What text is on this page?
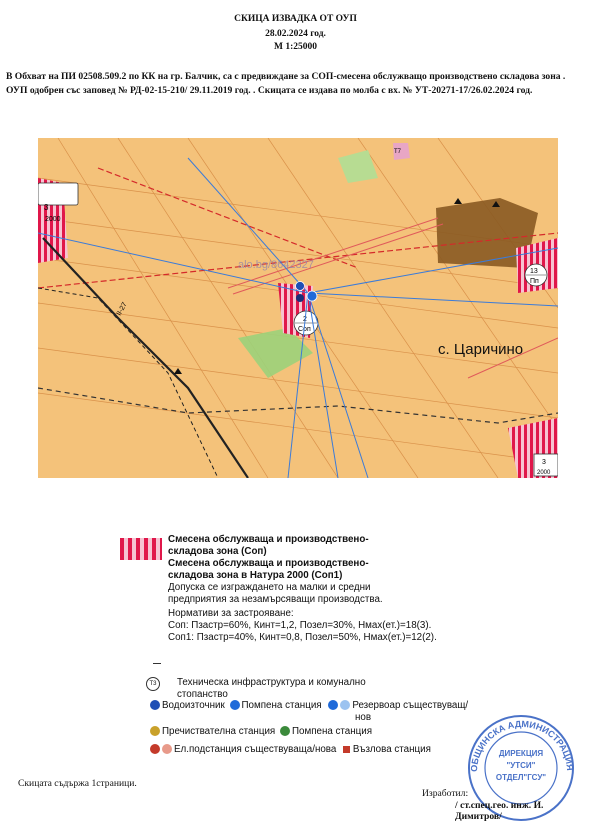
СКИЦА ИЗВАДКА ОТ ОУП
28.02.2024 год.
М 1:25000
В Обхват на ПИ 02508.509.2 по КК на гр. Балчик, са с предвиждане за СОП-смесена обслужващо производствено складова зона .
ОУП одобрен със заповед № РД-02-15-210/ 29.11.2019 год. . Скицата се издава по молба с вх. № УТ-20271-17/26.02.2024 год.
3
2000
13
Пп
3
2000
2
Соп
II-27
с. Царичино
alo.bg/8642327
Т7
Смесена обслужваща и производствено-
складова зона (Соп)
Смесена обслужваща и производствено-
складова зона в Натура 2000 (Соп1)
Допуска се изграждането на малки и средни
предприятия за незамърсяващи производства.
Нормативи за застрояване:
Соп: Пзастр=60%, Кинт=1,2, Позел=30%, Нмах(ет.)=18(3).
Соп1: Пзастр=40%, Кинт=0,8, Позел=50%, Нмах(ет.)=12(2).
Т3	Техническа инфраструктура и комунално
стопанство
Водоизточник Помпена станция	Резервоар съществуващ/
нов
Пречиствателна станция Помпена станция
Ел.подстанция съществуваща/нова Възлова станция
ОБЩИНСКА АДМИНИСТРАЦИЯ
ДИРЕКЦИЯ
"УТСИ"
ОТДЕЛ"ГСУ"
Скицата съдържа 1страници.
Изработил:
/ ст.спец.гео. инж. И. Димитров/
